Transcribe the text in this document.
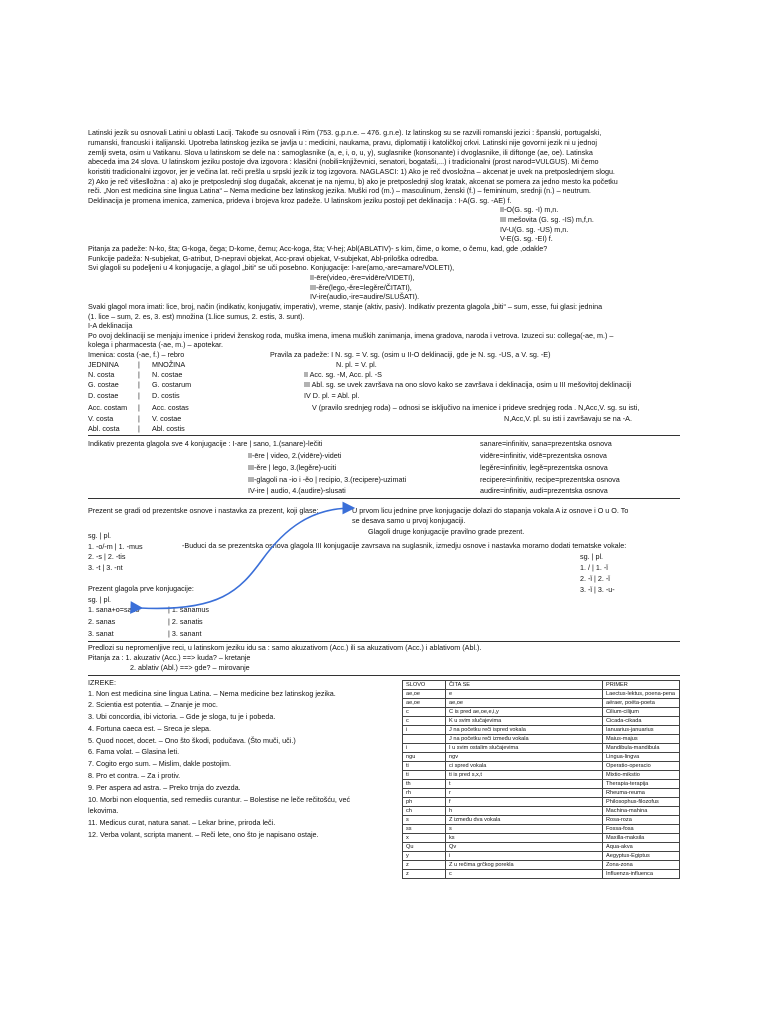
Latinski jezik su osnovali Latini u oblasti Lacij. Takođe su osnovali i Rim (753. g.p.n.e. – 476. g.n.e). Iz latinskog su se razvili romanski jezici : španski, portugalski,
rumanski, francuski i italijanski. Upotreba latinskog jezika se javlja u : medicini, naukama, pravu, diplomatiji i katoličkoj crkvi. Latinski nije govorni jezik ni u jednoj
zemlji sveta, osim u Vatikanu. Slova u latinskom se dele na : samoglasnike (a, e, i, o, u, y), suglasnike (konsonante) i dvoglasnike, ili diftonge (ae, oe). Latinska
abeceda ima 24 slova. U latinskom jeziku postoje dva izgovora : klasični (nobili=književnici, senatori, bogataši,...) i tradicionalni (prost narod=VULGUS). Mi čemo
koristiti tradicionalni izgovor, jer je večina lat. reči prešla u srpski jezik iz tog izgovora. NAGLASCI: 1) Ako je reč dvosložna – akcenat je uvek na pretposlednjem slogu.
2) Ako je reč višeslložna : a) ako je pretposlednji slog dugačak, akcenat je na njemu, b) ako je pretposlednji slog kratak, akcenat se pomera za jedno mesto ka početku
reči. „Non est medicina sine lingua Latina“ – Nema medicine bez latinskog jezika. Muški rod (m.) – masculinum, ženski (f.) – femininum, srednji (n.) – neutrum.
Deklinacija je promena imenica, zamenica, prideva i brojeva kroz padeže. U latinskom jeziku postoji pet deklinacija : I-A(G. sg. -AE) f.
II-O(G. sg. -I) m,n.
III mešovita (G. sg. -IS) m,f,n.
IV-U(G. sg. -US) m,n.
V-E(G. sg. -EI) f.
Pitanja za padeže: N-ko, šta; G-koga, čega; D-kome, čemu; Acc-koga, šta; V-hej; Abl(ABLATIV)- s kim, čime, o kome, o čemu, kad, gde ,odakle?
Funkcije padeža: N-subjekat, G-atribut, D-nepravi objekat, Acc-pravi objekat, V-subjekat, Abl-priloška odredba.
Svi glagoli su podeljeni u 4 konjugacije, a glagol „biti“ se uči posebno. Konjugacije: I-are(amo,-are=amare/VOLETI),
II-ēre(video,-ēre=vidēre/VIDETI),
III-ěre(lego,-ěre=legěre/ČITATI),
IV-ire(audio,-ire=audire/SLUŠATI).
Svaki glagol mora imati: lice, broj, način (indikativ, konjugativ, imperativ), vreme, stanje (aktiv, pasiv). Indikativ prezenta glagola „biti“ – sum, esse, fui glasi: jednina
(1. lice – sum, 2. es, 3. est) množina (1.lice sumus, 2. estis, 3. sunt).
I-A deklinacija
Po ovoj deklinaciji se menjaju imenice i pridevi ženskog roda, muška imena, imena muških zanimanja, imena gradova, naroda i vetrova. Izuzeci su: collega(-ae, m.) –
kolega i pharmacesta (-ae, m.) – apotekar.
Imenica: costa (-ae, f.) – rebro
JEDNINA	| MNOŽINA
N. costa	| N. costae
G. costae	| G. costarum
D. costae	| D. costis
Acc. costam | Acc. costas
V. costa	| V. costae
Abl. costa	| Abl. costis
Pravila za padeže: I N. sg. = V. sg. (osim u II-O deklinaciji, gde je N. sg. -US, a V. sg. -E)
N. pl. = V. pl.
II Acc. sg. -M, Acc. pl. -S
III Abl. sg. se uvek završava na ono slovo kako se završava i deklinacija, osim u III mešovitoj deklinaciji
IV D. pl. = Abl. pl.
V (pravilo srednjeg roda) – odnosi se isključivo na imenice i prideve srednjeg roda . N,Acc,V. sg. su isti,
N,Acc,V. pl. su isti i završavaju se na -A.
Indikativ prezenta glagola sve 4 konjugacije : I-are | sano, 1.(sanare)-lečiti
II-ēre | video, 2.(vidēre)-videti
III-ěre | lego, 3.(legěre)-uciti
III-glagoli na -io i -ěo | recipio, 3.(recipere)-uzimati
IV-ire | audio, 4.(audire)-slusati
sanare=infinitiv, sana=prezentska osnova
vidēre=infinitiv, vidē=prezentska osnova
legěre=infinitiv, legě=prezentska osnova
recipere=infinitiv, recipe=prezentska osnova
audire=infinitiv, audi=prezentska osnova
Prezent se gradi od prezentske osnove i nastavka za prezent, koji glase:	U prvom licu jednine prve konjugacije dolazi do stapanja vokala A iz osnove i O u O. To
se desava samo u prvoj konjugaciji.
Glagoli druge konjugacije pravilno grade prezent.
sg. | pl.
1. -o/-m | 1. -mus
2. -s | 2. -tis
3. -t | 3. -nt
-Buduci da se prezentska osnova glagola III konjugacije zavrsava na suglasnik, izmedju osnove i nastavka moramo dodati tematske vokale:
sg. | pl.
1. / | 1. -ǐ
2. -ǐ | 2. -ǐ
3. -ǐ | 3. -u-
Prezent glagola prve konjugacije:
sg. | pl.
1. sana+o=sano	| 1. sanamus
2. sanas	| 2. sanatis
3. sanat	| 3. sanant
Predlozi su nepromenljive reci, u latinskom jeziku idu sa : samo akuzativom (Acc.) ili sa akuzativom (Acc.) i ablativom (Abl.).
Pitanja za : 1. akuzativ (Acc.) ==> kuda? – kretanje
2. ablativ (Abl.) ==> gde? – mirovanje
IZREKE:
1. Non est medicina sine lingua Latina. – Nema medicine bez latinskog jezika.
2. Scientia est potentia. – Znanje je moc.
3. Ubi concordia, ibi victoria. – Gde je sloga, tu je i pobeda.
4. Fortuna caeca est. – Sreca je slepa.
5. Quod nocet, docet. – Ono što škodi, podučava. (Što muči, uči.)
6. Fama volat. – Glasina leti.
7. Cogito ergo sum. – Mislim, dakle postojim.
8. Pro et contra. – Za i protiv.
9. Per aspera ad astra. – Preko trnja do zvezda.
10. Morbi non eloquentia, sed remediis curantur. – Bolestise ne leče rečitošću, već
lekovima.
11. Medicus curat, natura sanat. – Lekar brine, priroda leči.
12. Verba volant, scripta manent. – Reči lete, ono što je napisano ostaje.
SLOVO	ČITA SE	PRIMER
ae,oe	e	Laectus-lektus, poena-pena
ae,oe	ae,oe	aëraer, poëta-poeta
c	C is pred ae,oe,e,i,y	Cilium-cilijum
c	K u svim slučajevima	Cicada-cikada
i	J na početku reči ispred vokala	Ianuarius-januarius
	J na početku reči između vokala	Maius-majus
i	I u svim ostalim slučajevima	Mandibula-mandibula
ngu	ngv	Lingua-lingva
ti	ci spred vokala	Operatio-operacio
ti	ti is pred s,x,t	Mixtio-mikstio
th	t	Therapia-terapija
rh	r	Rheuma-reuma
ph	f	Philosophus-filozofus
ch	h	Machina-mahina
s	Z između dva vokala	Rosa-roza
ss	s	Fossa-fosa
x	ks	Maxilla-maksila
Qu	Qv	Aqua-akva
y	i	Aegyptus-Egiptus
z	Z u rečima grčkog porekla	Zona-zona
z	c	Influenza-influenca
